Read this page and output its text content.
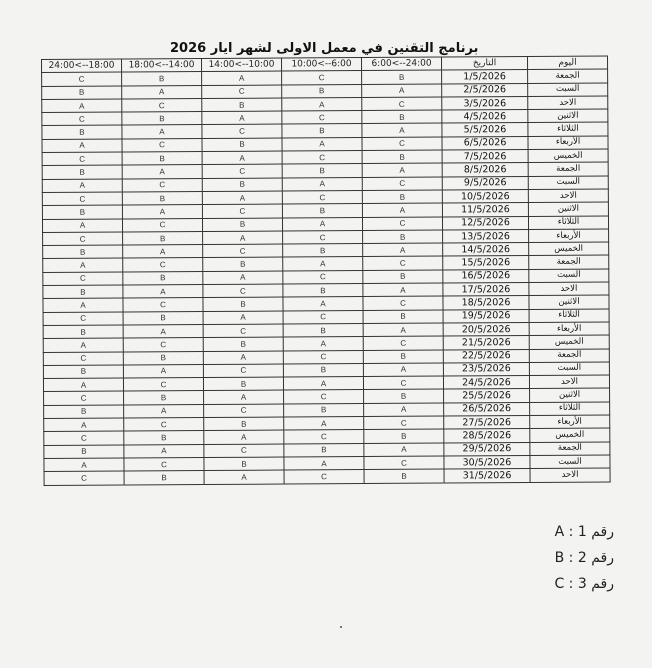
برنامج التقنين في معمل الاولى لشهر ايار 2026
24:00<--18:00	18:00<--14:00	14:00<--10:00	10:00<--6:00	6:00<--24:00	التاريخ	اليوم
C	B	A	C	B	1/5/2026	الجمعة
B	A	C	B	A	2/5/2026	السبت
A	C	B	A	C	3/5/2026	الاحد
C	B	A	C	B	4/5/2026	الاثنين
B	A	C	B	A	5/5/2026	الثلاثاء
A	C	B	A	C	6/5/2026	الأربعاء
C	B	A	C	B	7/5/2026	الخميس
B	A	C	B	A	8/5/2026	الجمعة
A	C	B	A	C	9/5/2026	السبت
C	B	A	C	B	10/5/2026	الاحد
B	A	C	B	A	11/5/2026	الاثنين
A	C	B	A	C	12/5/2026	الثلاثاء
C	B	A	C	B	13/5/2026	الأربعاء
B	A	C	B	A	14/5/2026	الخميس
A	C	B	A	C	15/5/2026	الجمعة
C	B	A	C	B	16/5/2026	السبت
B	A	C	B	A	17/5/2026	الاحد
A	C	B	A	C	18/5/2026	الاثنين
C	B	A	C	B	19/5/2026	الثلاثاء
B	A	C	B	A	20/5/2026	الأربعاء
A	C	B	A	C	21/5/2026	الخميس
C	B	A	C	B	22/5/2026	الجمعة
B	A	C	B	A	23/5/2026	السبت
A	C	B	A	C	24/5/2026	الاحد
C	B	A	C	B	25/5/2026	الاثنين
B	A	C	B	A	26/5/2026	الثلاثاء
A	C	B	A	C	27/5/2026	الأربعاء
C	B	A	C	B	28/5/2026	الخميس
B	A	C	B	A	29/5/2026	الجمعة
A	C	B	A	C	30/5/2026	السبت
C	B	A	C	B	31/5/2026	الاحد
رقم 1 : A
رقم 2 : B
رقم 3 : C
